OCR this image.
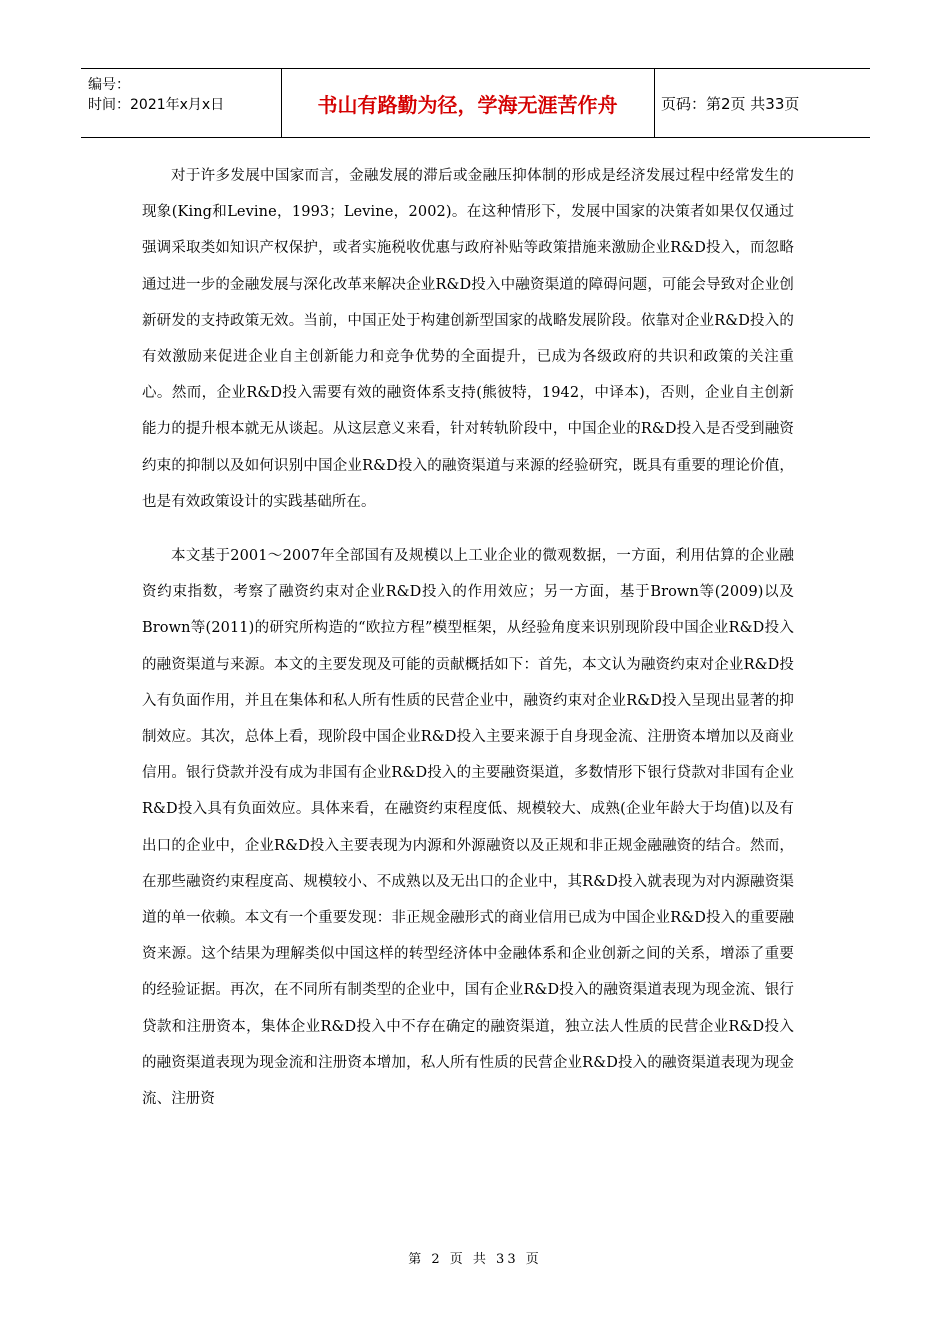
编号：
时间：2021年x月x日	书山有路勤为径，学海无涯苦作舟	页码：第2页 共33页

对于许多发展中国家而言，金融发展的滞后或金融压抑体制的形成是经济发展过程中经常发生的现象(King和Levine，1993；Levine，2002)。在这种情形下，发展中国家的决策者如果仅仅通过强调采取类如知识产权保护，或者实施税收优惠与政府补贴等政策措施来激励企业R&D投入，而忽略通过进一步的金融发展与深化改革来解决企业R&D投入中融资渠道的障碍问题，可能会导致对企业创新研发的支持政策无效。当前，中国正处于构建创新型国家的战略发展阶段。依靠对企业R&D投入的有效激励来促进企业自主创新能力和竞争优势的全面提升，已成为各级政府的共识和政策的关注重心。然而，企业R&D投入需要有效的融资体系支持(熊彼特，1942，中译本)，否则，企业自主创新能力的提升根本就无从谈起。从这层意义来看，针对转轨阶段中，中国企业的R&D投入是否受到融资约束的抑制以及如何识别中国企业R&D投入的融资渠道与来源的经验研究，既具有重要的理论价值，也是有效政策设计的实践基础所在。

本文基于2001～2007年全部国有及规模以上工业企业的微观数据，一方面，利用估算的企业融资约束指数，考察了融资约束对企业R&D投入的作用效应；另一方面，基于Brown等(2009)以及Brown等(2011)的研究所构造的“欧拉方程”模型框架，从经验角度来识别现阶段中国企业R&D投入的融资渠道与来源。本文的主要发现及可能的贡献概括如下：首先，本文认为融资约束对企业R&D投入有负面作用，并且在集体和私人所有性质的民营企业中，融资约束对企业R&D投入呈现出显著的抑制效应。其次，总体上看，现阶段中国企业R&D投入主要来源于自身现金流、注册资本增加以及商业信用。银行贷款并没有成为非国有企业R&D投入的主要融资渠道，多数情形下银行贷款对非国有企业R&D投入具有负面效应。具体来看，在融资约束程度低、规模较大、成熟(企业年龄大于均值)以及有出口的企业中，企业R&D投入主要表现为内源和外源融资以及正规和非正规金融融资的结合。然而，在那些融资约束程度高、规模较小、不成熟以及无出口的企业中，其R&D投入就表现为对内源融资渠道的单一依赖。本文有一个重要发现：非正规金融形式的商业信用已成为中国企业R&D投入的重要融资来源。这个结果为理解类似中国这样的转型经济体中金融体系和企业创新之间的关系，增添了重要的经验证据。再次，在不同所有制类型的企业中，国有企业R&D投入的融资渠道表现为现金流、银行贷款和注册资本，集体企业R&D投入中不存在确定的融资渠道，独立法人性质的民营企业R&D投入的融资渠道表现为现金流和注册资本增加，私人所有性质的民营企业R&D投入的融资渠道表现为现金流、注册资

第 2 页 共 33 页
